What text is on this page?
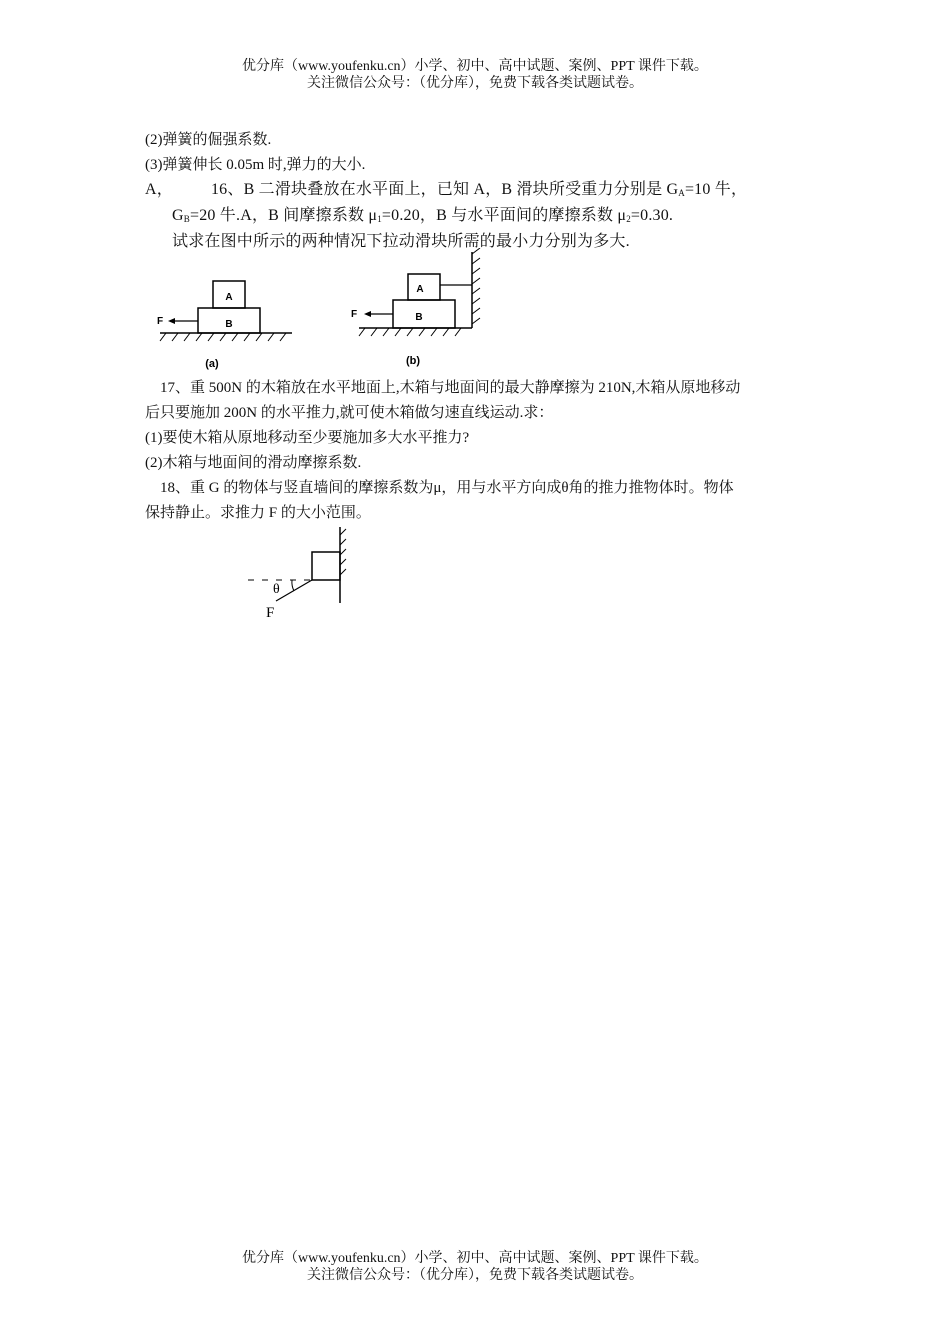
优分库（www.youfenku.cn）小学、初中、高中试题、案例、PPT 课件下载。
关注微信公众号：（优分库），免费下载各类试题试卷。
(2)弹簧的倔强系数.
(3)弹簧伸长 0.05m 时,弹力的大小.
A， 16、B 二滑块叠放在水平面上，已知 A，B 滑块所受重力分别是 $G_A=10$ 牛，
$G_B=20$ 牛.A，B 间摩擦系数 $\mu_1=0.20$，B 与水平面间的摩擦系数 $\mu_2=0.30$.
试求在图中所示的两种情况下拉动滑块所需的最小力分别为多大.
A
B
F
(a)
A
B
F
(b)
17、重 500N 的木箱放在水平地面上,木箱与地面间的最大静摩擦为 210N,木箱从原地移动
后只要施加 200N 的水平推力,就可使木箱做匀速直线运动.求：
(1)要使木箱从原地移动至少要施加多大水平推力?
(2)木箱与地面间的滑动摩擦系数.
18、重 G 的物体与竖直墙间的摩擦系数为μ，用与水平方向成θ角的推力推物体时。物体
保持静止。求推力 F 的大小范围。
θ
F
优分库（www.youfenku.cn）小学、初中、高中试题、案例、PPT 课件下载。
关注微信公众号：（优分库），免费下载各类试题试卷。
